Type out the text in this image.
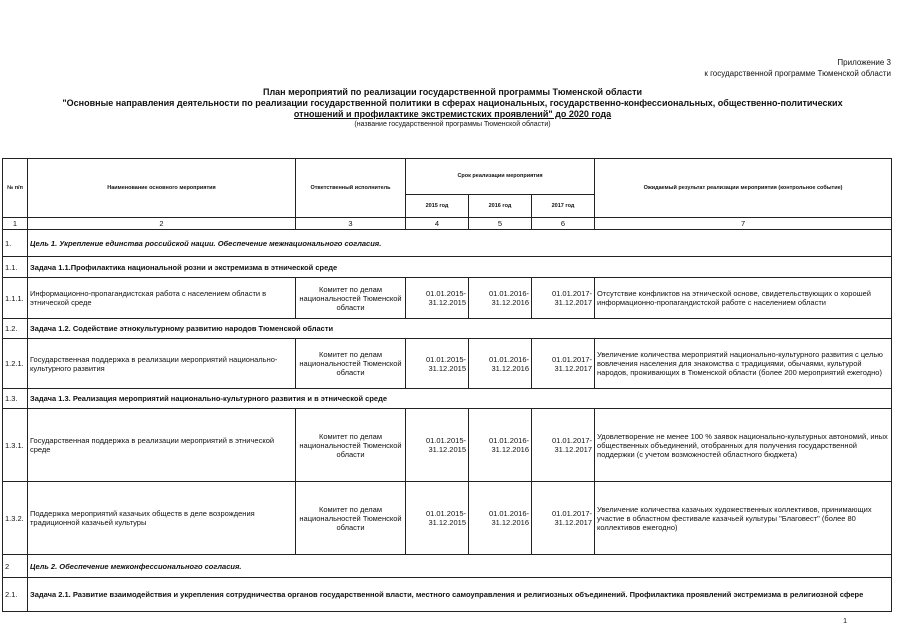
Приложение 3
к государственной программе Тюменской области
План мероприятий по реализации государственной программы Тюменской области
"Основные направления деятельности по реализации государственной политики в сферах национальных, государственно-конфессиональных, общественно-политических
отношений и профилактике экстремистских проявлений" до 2020 года
(название государственной программы Тюменской области)
№ п/п	Наименование основного мероприятия	Ответственный исполнитель	Срок реализации мероприятия			Ожидаемый результат реализации мероприятия (контрольное событие)
			2015 год	2016 год	2017 год	
1	2	3	4	5	6	7
1.	Цель 1. Укрепление единства российской нации. Обеспечение межнационального согласия.					
1.1.	Задача 1.1.Профилактика национальной розни и экстремизма в этнической среде					
1.1.1.	Информационно-пропагандистская работа с населением области в этнической среде	Комитет по делам национальностей Тюменской области	01.01.2015-31.12.2015	01.01.2016-31.12.2016	01.01.2017-31.12.2017	Отсутствие конфликтов на этнической основе, свидетельствующих о хорошей информационно-пропагандистской работе с населением области
1.2.	Задача 1.2. Содействие этнокультурному развитию народов Тюменской области					
1.2.1.	Государственная поддержка в реализации мероприятий национально-культурного развития	Комитет по делам национальностей Тюменской области	01.01.2015-31.12.2015	01.01.2016-31.12.2016	01.01.2017-31.12.2017	Увеличение количества мероприятий национально-культурного развития с целью вовлечения населения для знакомства с традициями, обычаями, культурой народов, проживающих в Тюменской области (более 200 мероприятий ежегодно)
1.3.	Задача 1.3. Реализация мероприятий национально-культурного развития и в этнической среде					
1.3.1.	Государственная поддержка в реализации мероприятий в этнической среде	Комитет по делам национальностей Тюменской области	01.01.2015-31.12.2015	01.01.2016-31.12.2016	01.01.2017-31.12.2017	Удовлетворение не менее 100 % заявок национально-культурных автономий, иных общественных объединений, отобранных для получения государственной поддержки (с учетом возможностей областного бюджета)
1.3.2.	Поддержка мероприятий казачьих обществ в деле возрождения традиционной казачьей культуры	Комитет по делам национальностей Тюменской области	01.01.2015-31.12.2015	01.01.2016-31.12.2016	01.01.2017-31.12.2017	Увеличение количества казачьих художественных коллективов, принимающих участие в областном фестивале казачьей культуры "Благовест" (более 80 коллективов ежегодно)
2	Цель 2. Обеспечение межконфессионального согласия.					
2.1.	Задача 2.1. Развитие взаимодействия и укрепления сотрудничества органов государственной власти, местного самоуправления и религиозных объединений. Профилактика проявлений экстремизма в религиозной сфере					
1
